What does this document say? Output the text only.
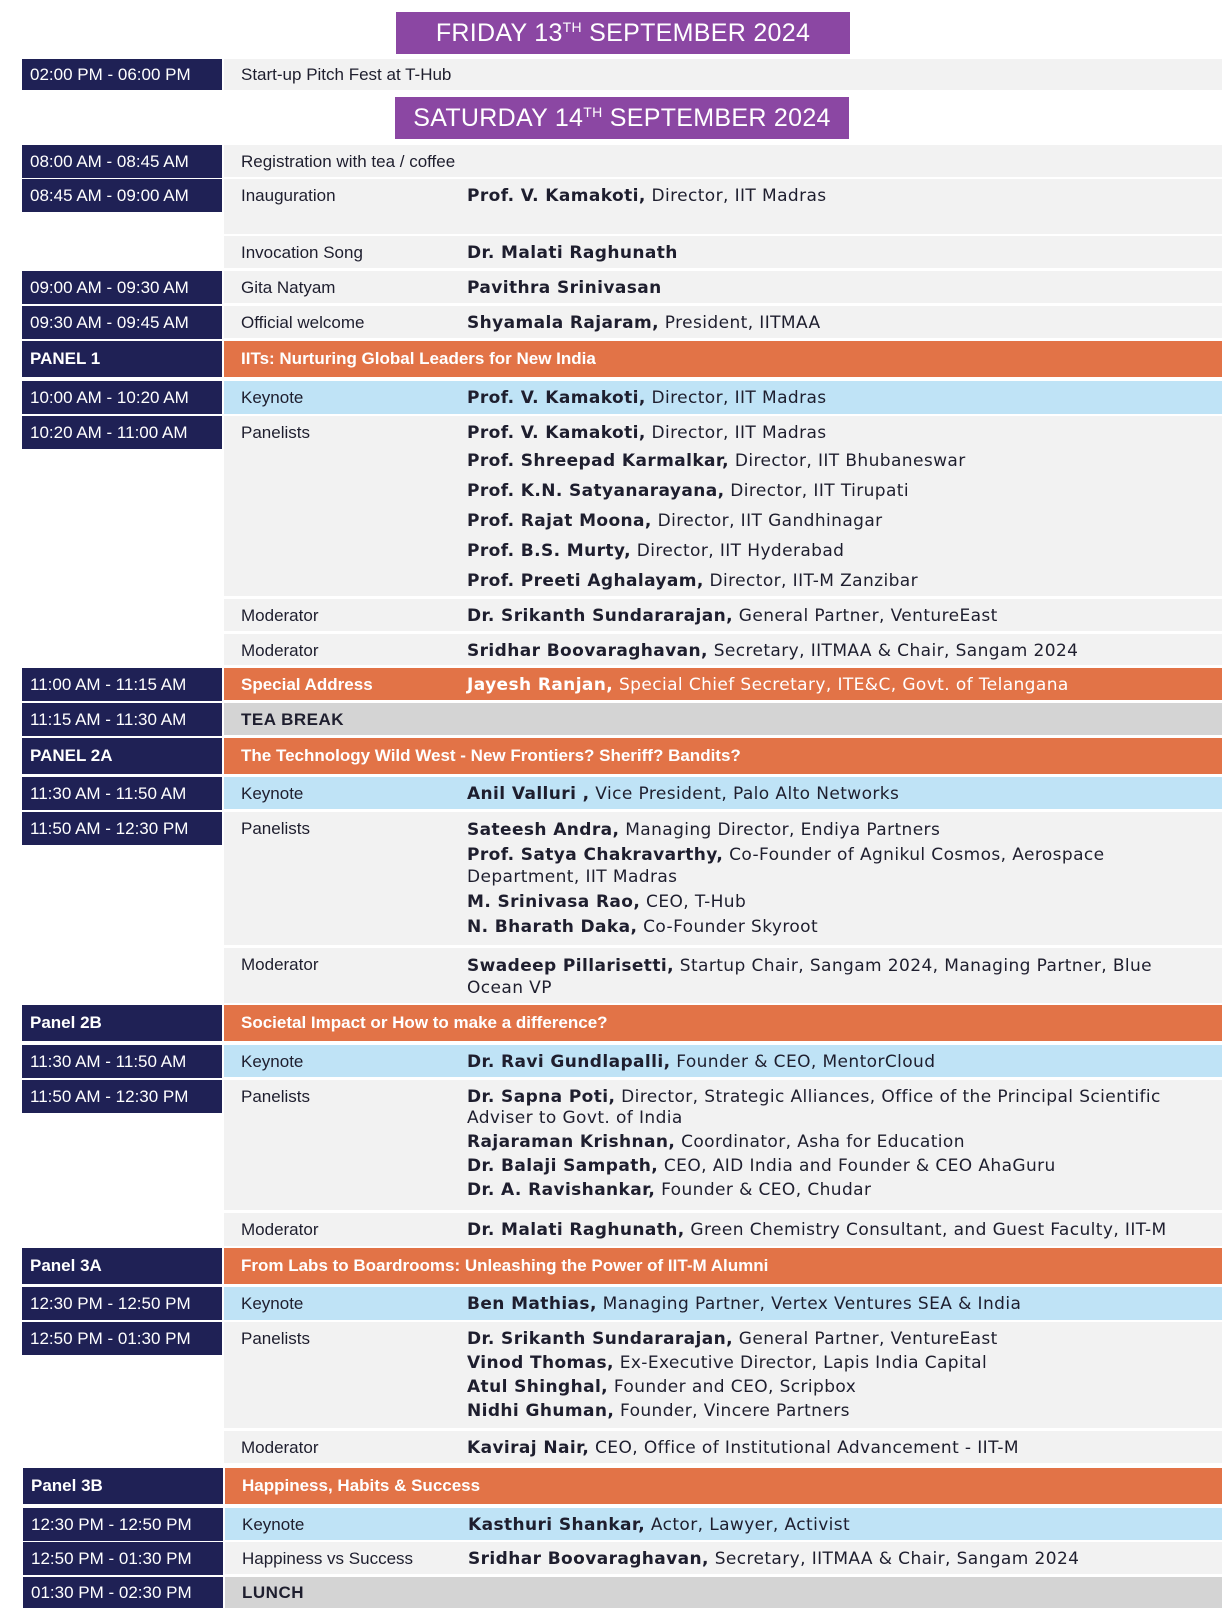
FRIDAY 13TH SEPTEMBER 2024
02:00 PM - 06:00 PM	Start-up Pitch Fest at T-Hub
SATURDAY 14TH SEPTEMBER 2024
08:00 AM - 08:45 AM	Registration with tea / coffee
08:45 AM - 09:00 AM	Inauguration	Prof. V. Kamakoti, Director, IIT Madras
Invocation Song	Dr. Malati Raghunath
09:00 AM - 09:30 AM	Gita Natyam	Pavithra Srinivasan
09:30 AM - 09:45 AM	Official welcome	Shyamala Rajaram, President, IITMAA
PANEL 1	IITs: Nurturing Global Leaders for New India
10:00 AM - 10:20 AM	Keynote	Prof. V. Kamakoti, Director, IIT Madras
10:20 AM - 11:00 AM	Panelists	Prof. V. Kamakoti, Director, IIT Madras
Prof. Shreepad Karmalkar, Director, IIT Bhubaneswar
Prof. K.N. Satyanarayana, Director, IIT Tirupati
Prof. Rajat Moona, Director, IIT Gandhinagar
Prof. B.S. Murty, Director, IIT Hyderabad
Prof. Preeti Aghalayam, Director, IIT-M Zanzibar
Moderator	Dr. Srikanth Sundararajan, General Partner, VentureEast
Moderator	Sridhar Boovaraghavan, Secretary, IITMAA & Chair, Sangam 2024
11:00 AM - 11:15 AM	Special Address	Jayesh Ranjan, Special Chief Secretary, ITE&C, Govt. of Telangana
11:15 AM - 11:30 AM	TEA BREAK
PANEL 2A	The Technology Wild West - New Frontiers? Sheriff? Bandits?
11:30 AM - 11:50 AM	Keynote	Anil Valluri , Vice President, Palo Alto Networks
11:50 AM - 12:30 PM	Panelists	Sateesh Andra, Managing Director, Endiya Partners
Prof. Satya Chakravarthy, Co-Founder of Agnikul Cosmos, Aerospace Department, IIT Madras
M. Srinivasa Rao, CEO, T-Hub
N. Bharath Daka, Co-Founder Skyroot
Moderator	Swadeep Pillarisetti, Startup Chair, Sangam 2024, Managing Partner, Blue Ocean VP
Panel 2B	Societal Impact or How to make a difference?
11:30 AM - 11:50 AM	Keynote	Dr. Ravi Gundlapalli, Founder & CEO, MentorCloud
11:50 AM - 12:30 PM	Panelists	Dr. Sapna Poti, Director, Strategic Alliances, Office of the Principal Scientific Adviser to Govt. of India
Rajaraman Krishnan, Coordinator, Asha for Education
Dr. Balaji Sampath, CEO, AID India and Founder & CEO AhaGuru
Dr. A. Ravishankar, Founder & CEO, Chudar
Moderator	Dr. Malati Raghunath, Green Chemistry Consultant, and Guest Faculty, IIT-M
Panel 3A	From Labs to Boardrooms: Unleashing the Power of IIT-M Alumni
12:30 PM - 12:50 PM	Keynote	Ben Mathias, Managing Partner, Vertex Ventures SEA & India
12:50 PM - 01:30 PM	Panelists	Dr. Srikanth Sundararajan, General Partner, VentureEast
Vinod Thomas, Ex-Executive Director, Lapis India Capital
Atul Shinghal, Founder and CEO, Scripbox
Nidhi Ghuman, Founder, Vincere Partners
Moderator	Kaviraj Nair, CEO, Office of Institutional Advancement - IIT-M
Panel 3B	Happiness, Habits & Success
12:30 PM - 12:50 PM	Keynote	Kasthuri Shankar, Actor, Lawyer, Activist
12:50 PM - 01:30 PM	Happiness vs Success	Sridhar Boovaraghavan, Secretary, IITMAA & Chair, Sangam 2024
01:30 PM - 02:30 PM	LUNCH
